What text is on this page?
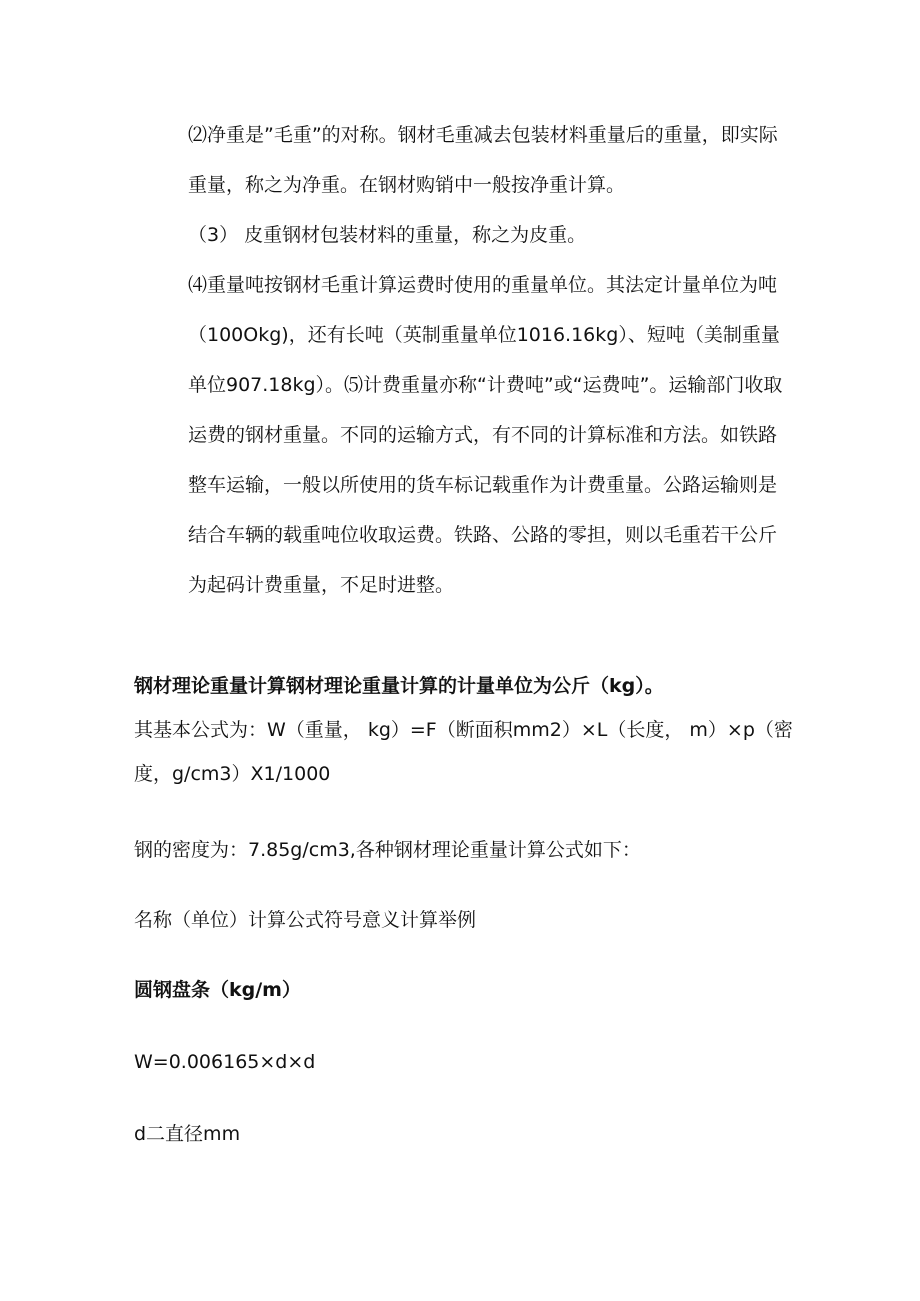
⑵净重是”毛重”的对称。钢材毛重减去包装材料重量后的重量，即实际重量，称之为净重。在钢材购销中一般按净重计算。

（3） 皮重钢材包装材料的重量，称之为皮重。

⑷重量吨按钢材毛重计算运费时使用的重量单位。其法定计量单位为吨（100Okg)，还有长吨（英制重量单位1016.16kg）、短吨（美制重量单位907.18kg）。⑸计费重量亦称“计费吨”或“运费吨”。运输部门收取运费的钢材重量。不同的运输方式，有不同的计算标准和方法。如铁路整车运输，一般以所使用的货车标记载重作为计费重量。公路运输则是结合车辆的载重吨位收取运费。铁路、公路的零担，则以毛重若干公斤为起码计费重量，不足时进整。

钢材理论重量计算钢材理论重量计算的计量单位为公斤（kg）。

其基本公式为：W（重量， kg）=F（断面积mm2）×L（长度， m）×p（密度，g/cm3）X1/1000

钢的密度为：7.85g∕cm3,各种钢材理论重量计算公式如下：

名称（单位）计算公式符号意义计算举例

圆钢盘条（kg/m）

W=0.006165×d×d

d二直径mm
